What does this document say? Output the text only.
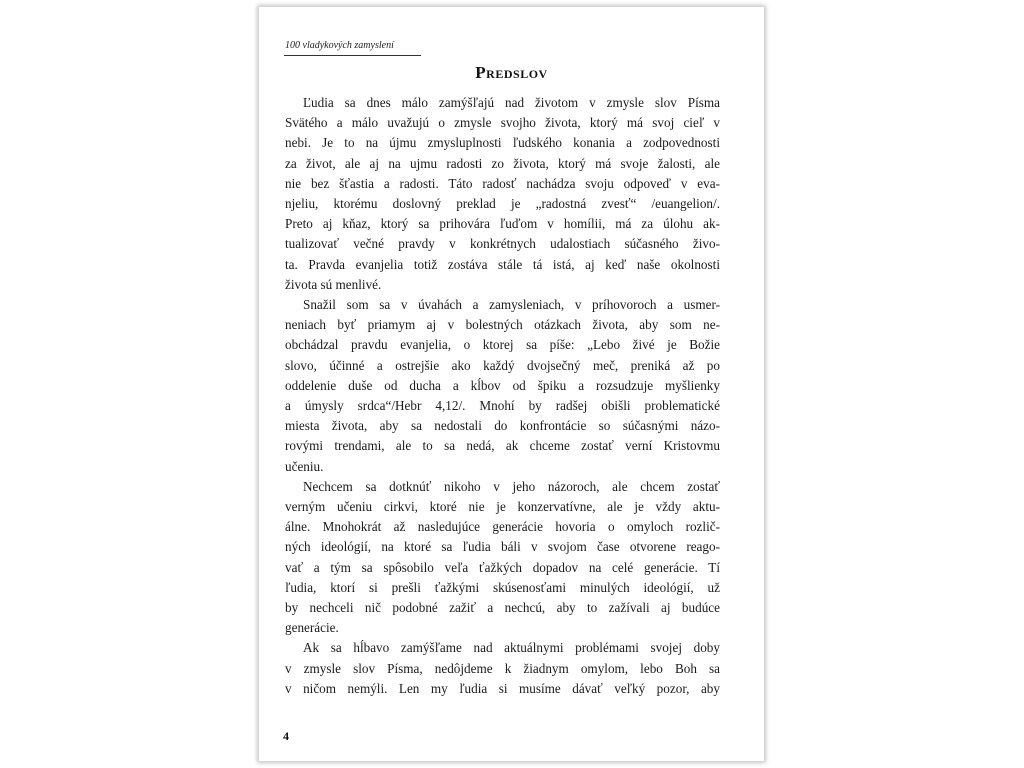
100 vladykových zamyslení
Predslov
Ľudia sa dnes málo zamýšľajú nad životom v zmysle slov Písma
Svätého a málo uvažujú o zmysle svojho života, ktorý má svoj cieľ v
nebi. Je to na újmu zmysluplnosti ľudského konania a zodpovednosti
za život, ale aj na ujmu radosti zo života, ktorý má svoje žalosti, ale
nie bez šťastia a radosti. Táto radosť nachádza svoju odpoveď v eva-
njeliu, ktorému doslovný preklad je „radostná zvesť“ /euangelion/.
Preto aj kňaz, ktorý sa prihovára ľuďom v homílii, má za úlohu ak-
tualizovať večné pravdy v konkrétnych udalostiach súčasného živo-
ta. Pravda evanjelia totiž zostáva stále tá istá, aj keď naše okolnosti
života sú menlivé.
Snažil som sa v úvahách a zamysleniach, v príhovoroch a usmer-
neniach byť priamym aj v bolestných otázkach života, aby som ne-
obchádzal pravdu evanjelia, o ktorej sa píše: „Lebo živé je Božie
slovo, účinné a ostrejšie ako každý dvojsečný meč, preniká až po
oddelenie duše od ducha a kĺbov od špiku a rozsudzuje myšlienky
a úmysly srdca“/Hebr 4,12/. Mnohí by radšej obišli problematické
miesta života, aby sa nedostali do konfrontácie so súčasnými názo-
rovými trendami, ale to sa nedá, ak chceme zostať verní Kristovmu
učeniu.
Nechcem sa dotknúť nikoho v jeho názoroch, ale chcem zostať
verným učeniu cirkvi, ktoré nie je konzervatívne, ale je vždy aktu-
álne. Mnohokrát až nasledujúce generácie hovoria o omyloch rozlič-
ných ideológií, na ktoré sa ľudia báli v svojom čase otvorene reago-
vať a tým sa spôsobilo veľa ťažkých dopadov na celé generácie. Tí
ľudia, ktorí si prešli ťažkými skúsenosťami minulých ideológií, už
by nechceli nič podobné zažiť a nechcú, aby to zažívali aj budúce
generácie.
Ak sa hĺbavo zamýšľame nad aktuálnymi problémami svojej doby
v zmysle slov Písma, nedôjdeme k žiadnym omylom, lebo Boh sa
v ničom nemýli. Len my ľudia si musíme dávať veľký pozor, aby
4
